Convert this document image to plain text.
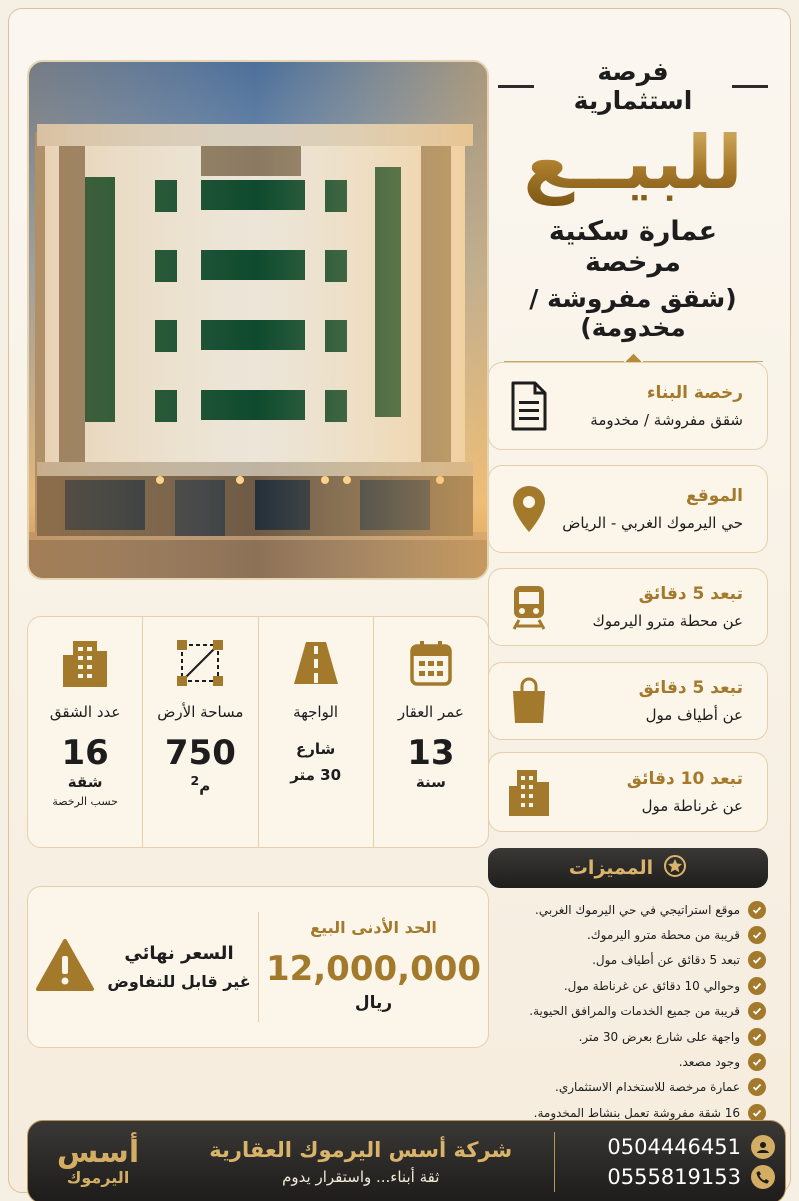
فرصة استثمارية
للبيــع
عمارة سكنية مرخصة
(شقق مفروشة / مخدومة)
رخصة البناء
شقق مفروشة / مخدومة
الموقع
حي اليرموك الغربي - الرياض
تبعد 5 دقائق
عن محطة مترو اليرموك
تبعد 5 دقائق
عن أطياف مول
تبعد 10 دقائق
عن غرناطة مول
عمر العقار
13
سنة
الواجهة
شارع
30 متر
مساحة الأرض
750
م$^2$
عدد الشقق
16
شقة
حسب الرخصة
الحد الأدنى البيع
12,000,000
ريال
السعر نهائي
غير قابل للتفاوض
المميزات
موقع استراتيجي في حي اليرموك الغربي.
قريبة من محطة مترو اليرموك.
تبعد 5 دقائق عن أطياف مول.
وحوالي 10 دقائق عن غرناطة مول.
قريبة من جميع الخدمات والمرافق الحيوية.
واجهة على شارع بعرض 30 متر.
وجود مصعد.
عمارة مرخصة للاستخدام الاستثماري.
16 شقة مفروشة تعمل بنشاط المخدومة.
0504446451
0555819153
شركة أسس اليرموك العقارية
ثقة أبناء... واستقرار يدوم
أسس
اليرموك
